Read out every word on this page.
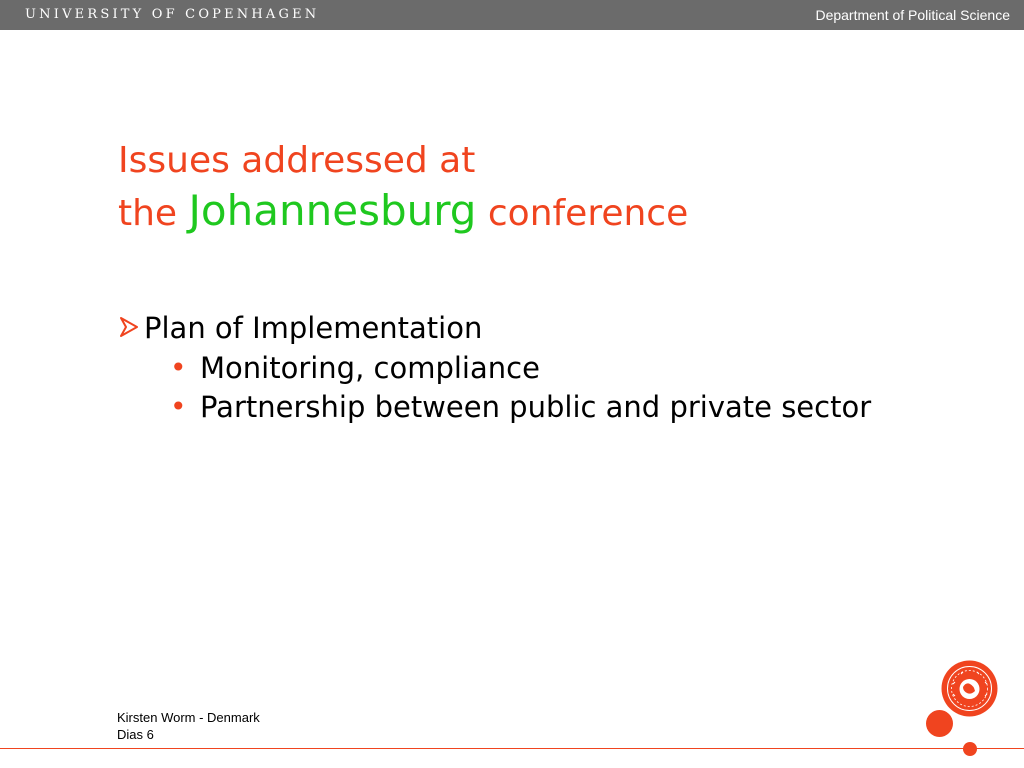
UNIVERSITY OF COPENHAGEN	Department of Political Science
Issues addressed at
the Johannesburg conference
Plan of Implementation
• Monitoring, compliance
• Partnership between public and private sector
Kirsten Worm - Denmark
Dias 6
